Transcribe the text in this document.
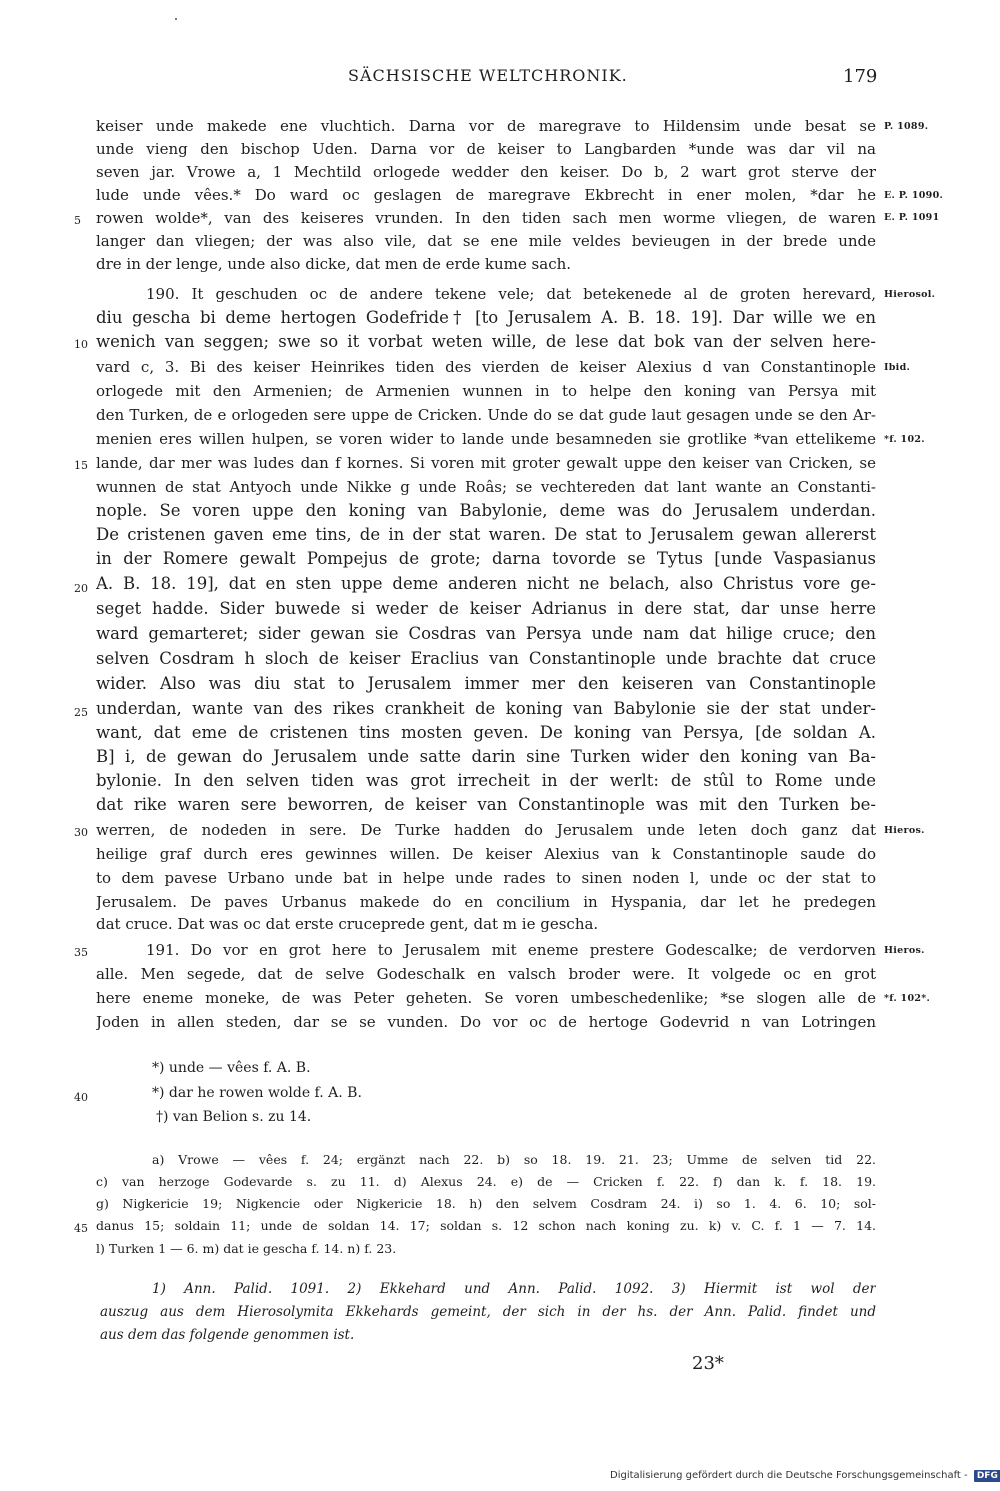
SÄCHSISCHE WELTCHRONIK.	179
keiser unde makede ene vluchtich. Darna vor de maregrave to Hildensim unde besat se
unde vieng den bischop Uden. Darna vor de keiser to Langbarden *unde was dar vil na
seven jar. Vrowe a, 1 Mechtild orlogede wedder den keiser. Do b, 2 wart grot sterve der
lude unde vêes.* Do ward oc geslagen de maregrave Ekbrecht in ener molen, *dar he
rowen wolde*, van des keiseres vrunden. In den tiden sach men worme vliegen, de waren
langer dan vliegen; der was also vile, dat se ene mile veldes bevieugen in der brede unde
dre in der lenge, unde also dicke, dat men de erde kume sach.
190. It geschuden oc de andere tekene vele; dat betekenede al de groten herevard,
diu gescha bi deme hertogen Godefride† [to Jerusalem A. B. 18. 19]. Dar wille we en
wenich van seggen; swe so it vorbat weten wille, de lese dat bok van der selven here-
vard c, 3. Bi des keiser Heinrikes tiden des vierden de keiser Alexius d van Constantinople
orlogede mit den Armenien; de Armenien wunnen in to helpe den koning van Persya mit
den Turken, de e orlogeden sere uppe de Cricken. Unde do se dat gude laut gesagen unde se den Ar-
menien eres willen hulpen, se voren wider to lande unde besamneden sie grotlike *van ettelikeme
lande, dar mer was ludes dan f kornes. Si voren mit groter gewalt uppe den keiser van Cricken, se
wunnen de stat Antyoch unde Nikke g unde Roâs; se vechtereden dat lant wante an Constanti-
nople. Se voren uppe den koning van Babylonie, deme was do Jerusalem underdan.
De cristenen gaven eme tins, de in der stat waren. De stat to Jerusalem gewan allererst
in der Romere gewalt Pompejus de grote; darna tovorde se Tytus [unde Vaspasianus
A. B. 18. 19], dat en sten uppe deme anderen nicht ne belach, also Christus vore ge-
seget hadde. Sider buwede si weder de keiser Adrianus in dere stat, dar unse herre
ward gemarteret; sider gewan sie Cosdras van Persya unde nam dat hilige cruce; den
selven Cosdram h sloch de keiser Eraclius van Constantinople unde brachte dat cruce
wider. Also was diu stat to Jerusalem immer mer den keiseren van Constantinople
underdan, wante van des rikes crankheit de koning van Babylonie sie der stat under-
want, dat eme de cristenen tins mosten geven. De koning van Persya, [de soldan A.
B] i, de gewan do Jerusalem unde satte darin sine Turken wider den koning van Ba-
bylonie. In den selven tiden was grot irrecheit in der werlt: de stûl to Rome unde
dat rike waren sere beworren, de keiser van Constantinople was mit den Turken be-
werren, de nodeden in sere. De Turke hadden do Jerusalem unde leten doch ganz dat
heilige graf durch eres gewinnes willen. De keiser Alexius van k Constantinople saude do
to dem pavese Urbano unde bat in helpe unde rades to sinen noden l, unde oc der stat to
Jerusalem. De paves Urbanus makede do en concilium in Hyspania, dar let he predegen
dat cruce. Dat was oc dat erste cruceprede gent, dat m ie gescha.
191. Do vor en grot here to Jerusalem mit eneme prestere Godescalke; de verdorven
alle. Men segede, dat de selve Godeschalk en valsch broder were. It volgede oc en grot
here eneme moneke, de was Peter geheten. Se voren umbeschedenlike; *se slogen alle de
Joden in allen steden, dar se se vunden. Do vor oc de hertoge Godevrid n van Lotringen
5
10
15
20
25
30
35
40
45
P. 1089.
E. P. 1090.
E. P. 1091
Hierosol.
Ibid.
*f. 102.
Hieros.
Hieros.
*f. 102*.
*) unde — vêes f. A. B.
*) dar he rowen wolde f. A. B.
†) van Belion s. zu 14.
a) Vrowe — vêes f. 24; ergänzt nach 22. b) so 18. 19. 21. 23; Umme de selven tid 22.
c) van herzoge Godevarde s. zu 11. d) Alexus 24. e) de — Cricken f. 22. f) dan k. f. 18. 19.
g) Nigkericie 19; Nigkencie oder Nigkericie 18. h) den selvem Cosdram 24. i) so 1. 4. 6. 10; sol-
danus 15; soldain 11; unde de soldan 14. 17; soldan s. 12 schon nach koning zu. k) v. C. f. 1 — 7. 14.
l) Turken 1 — 6. m) dat ie gescha f. 14. n) f. 23.
1) Ann. Palid. 1091. 2) Ekkehard und Ann. Palid. 1092. 3) Hiermit ist wol der
auszug aus dem Hierosolymita Ekkehards gemeint, der sich in der hs. der Ann. Palid. findet und
aus dem das folgende genommen ist.
23*
Digitalisierung gefördert durch die Deutsche Forschungsgemeinschaft - DFG
